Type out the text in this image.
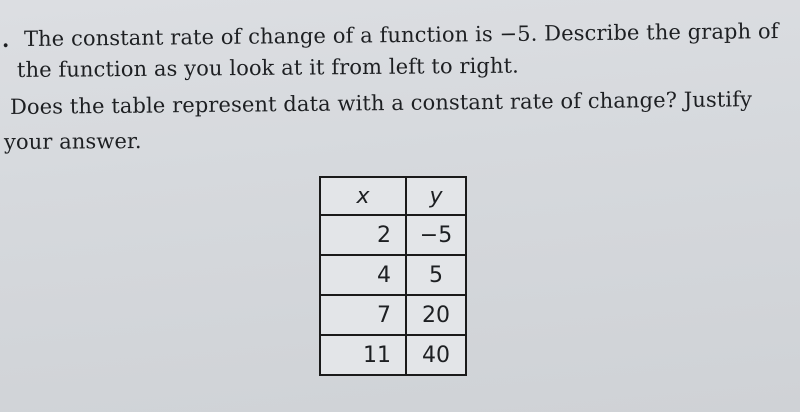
. The constant rate of change of a function is −5. Describe the graph of
the function as you look at it from left to right.
Does the table represent data with a constant rate of change? Justify
your answer.
x	y
2	−5
4	5
7	20
11	40
